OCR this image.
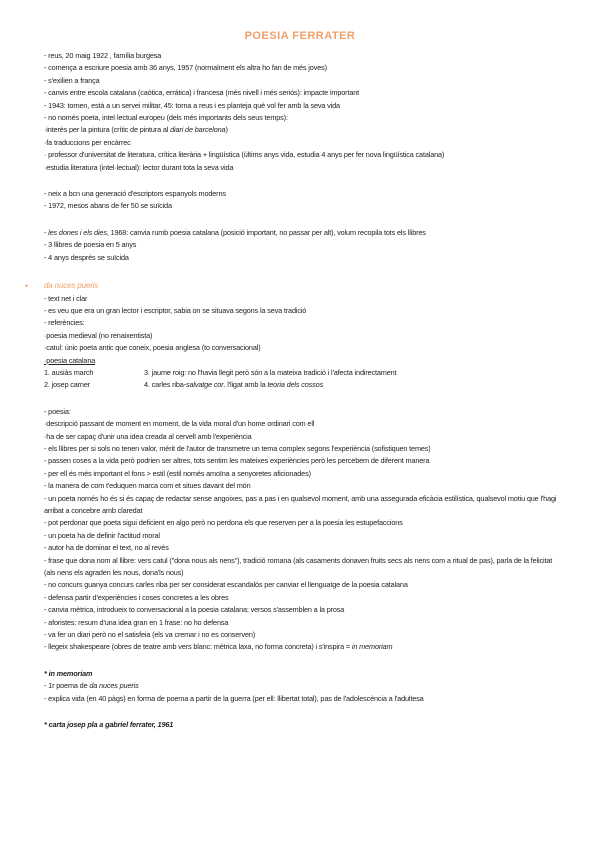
POESIA FERRATER
- reus, 20 maig 1922 , família burgesa
- comença a escriure poesia amb 36 anys, 1957 (normalment els altra ho fan de més joves)
- s'exilien a frança
- canvis entre escola catalana (caòtica, errática) i francesa (més nivell i més seriós): impacte important
- 1943: tornen, està a un servei militar, 45: torna a reus i es planteja què vol fer amb la seva vida
- no només poeta, intel·lectual europeu (dels més importants dels seus temps):
·interès per la pintura (crític de pintura al diari de barcelona)
·fa traduccions per encàrrec
· professor d'universitat de literatura, crítica literària + lingüística (últims anys vida, estudia 4 anys per fer nova lingüística catalana)
·estudia literatura (intel·lectual): lector durant tota la seva vida
- neix a bcn una generació d'escriptors espanyols moderns
- 1972, mesos abans de fer 50 se suïcida
- les dones i els dies, 1968: canvia rumb poesia catalana (posició important, no passar per alt), volum recopila tots els llibres
- 3 llibres de poesia en 5 anys
- 4 anys després se suïcida
• da nuces pueris
- text net i clar
- es veu que era un gran lector i escriptor, sabia on se situava segons la seva tradició
- referències:
·poesia medieval (no renaixentista)
·catul: únic poeta antic que coneix, poesia anglesa (to conversacional)
·poesia catalana
1. ausiàs march	3. jaume roig: no l'havia llegit però són a la mateixa tradició i l'afecta indirectament
2. josep carner	4. carles riba-salvatge cor. l'ligat amb la teoria dels cossos
- poesia:
·descripció passant de moment en moment, de la vida moral d'un home ordinari com ell
·ha de ser capaç d'unir una idea creada al cervell amb l'experiència
- els llibres per si sols no tenen valor, mèrit de l'autor de transmetre un tema complex segons l'experiència (sofistiquen temes)
- passen coses a la vida però podrien ser altres, tots sentim les mateixes experiències però les percebem de diferent manera
- per ell és més important el fons > estil (estil només amoïna a senyoretes aficionades)
- la manera de com t'eduquen marca com et situes davant del món
- un poeta només ho és si és capaç de redactar sense angoixes, pas a pas i en qualsevol moment, amb una assegurada eficàcia estilística, qualsevol motiu que l'hagi arribat a concebre amb claredat
- pot perdonar que poeta sigui deficient en algo però no perdona els que reserven per a la poesia les estupefaccions
- un poeta ha de definir l'actitud moral
- autor ha de dominar el text, no al revés
- frase que dona nom al llibre: vers catul ("dona nous als nens"), tradició romana (als casaments donaven fruits secs als nens com a ritual de pas), parla de la felicitat (als nens els agraden les nous, dona'ls nous)
- no concurs guanya concurs carles riba per ser considerat escandalós per canviar el llenguatge de la poesia catalana
- defensa partir d'experiències i coses concretes a les obres
- canvia mètrica, introdueix to conversacional a la poesia catalana: versos s'assemblen a la prosa
- aforistes: resum d'una idea gran en 1 frase: no ho defensa
- va fer un diari però no el satisfeia (els va cremar i no es conserven)
- llegeix shakespeare (obres de teatre amb vers blanc: mètrica laxa, no forma concreta) i s'inspira = in memoriam
* in memoriam
- 1r poema de da nuces pueris
- explica vida (en 40 pàgs) en forma de poema a partir de la guerra (per ell: llibertat total), pas de l'adolescència a l'adultesa
* carta josep pla a gabriel ferrater, 1961
